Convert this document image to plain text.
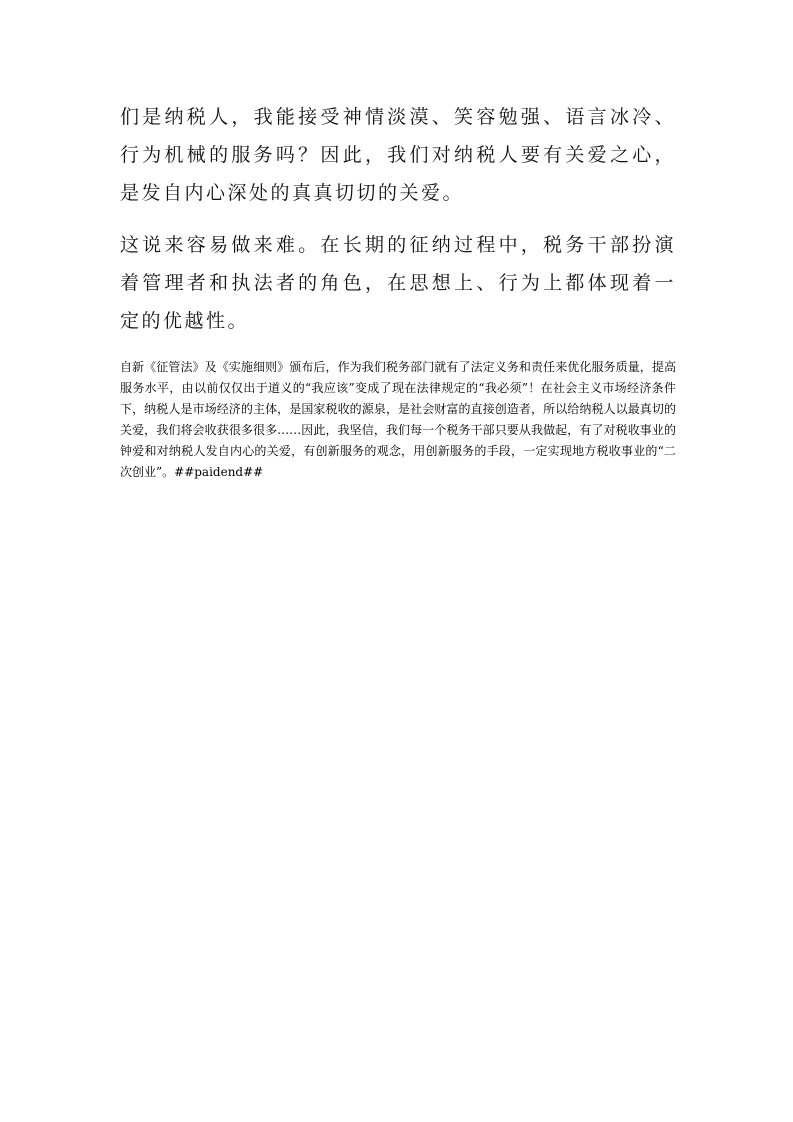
们是纳税人，我能接受神情淡漠、笑容勉强、语言冰冷、行为机械的服务吗？因此，我们对纳税人要有关爱之心，是发自内心深处的真真切切的关爱。

这说来容易做来难。在长期的征纳过程中，税务干部扮演着管理者和执法者的角色，在思想上、行为上都体现着一定的优越性。

自新《征管法》及《实施细则》颁布后，作为我们税务部门就有了法定义务和责任来优化服务质量，提高服务水平，由以前仅仅出于道义的“我应该”变成了现在法律规定的“我必须”！在社会主义市场经济条件下，纳税人是市场经济的主体，是国家税收的源泉，是社会财富的直接创造者，所以给纳税人以最真切的关爱，我们将会收获很多很多……因此，我坚信，我们每一个税务干部只要从我做起，有了对税收事业的钟爱和对纳税人发自内心的关爱，有创新服务的观念，用创新服务的手段，一定实现地方税收事业的“二次创业”。##paidend##
